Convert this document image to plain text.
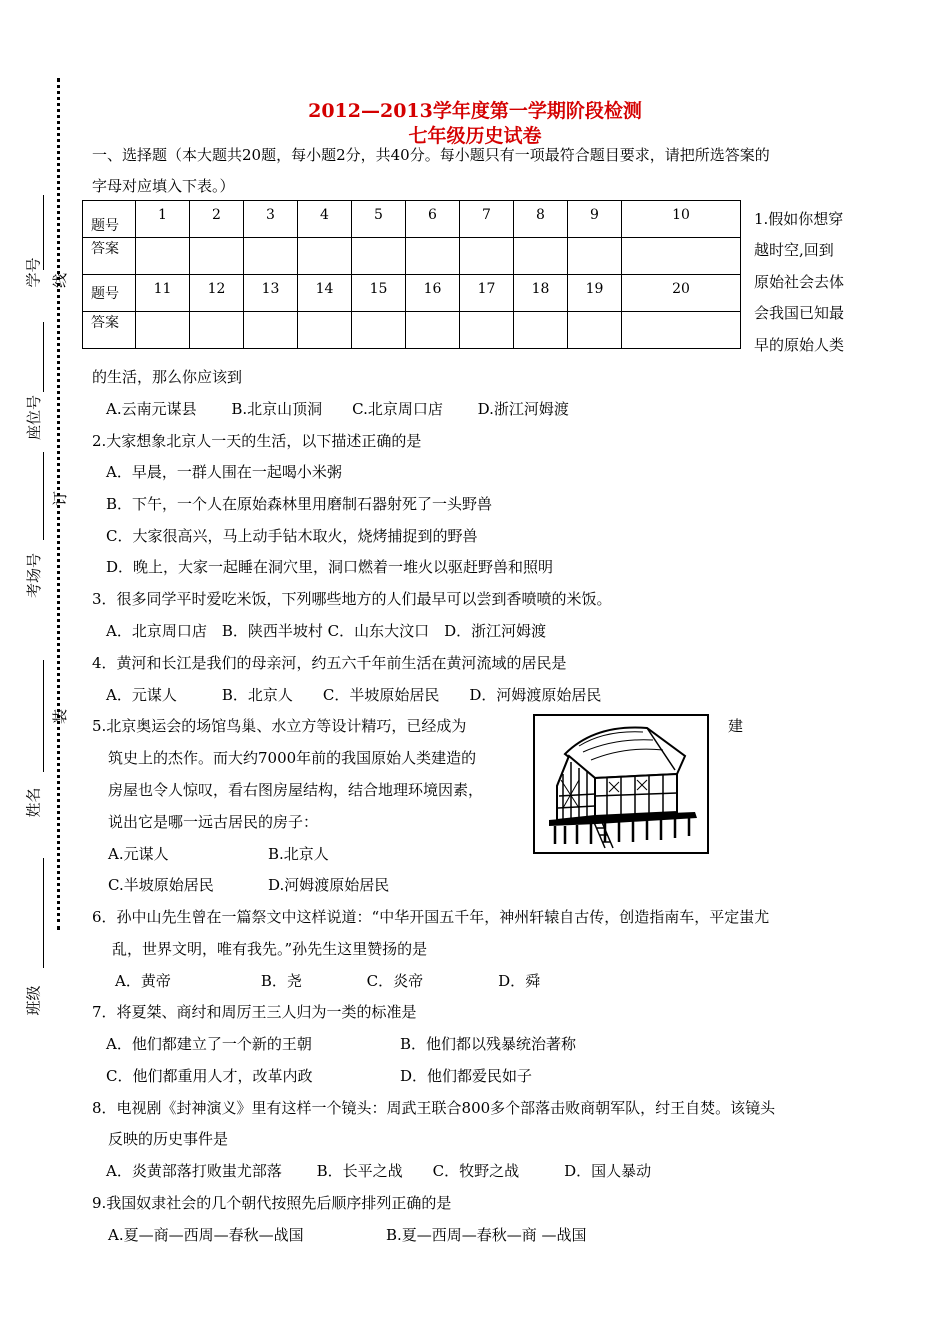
学号
座位号
考场号
姓名
班级
线
订
装
2012—2013学年度第一学期阶段检测
七年级历史试卷
一、选择题（本大题共20题，每小题2分，共40分。每小题只有一项最符合题目要求，请把所选答案的
字母对应填入下表。）
题号	1	2	3	4	5	6	7	8	9	10
答案										
题号	11	12	13	14	15	16	17	18	19	20
答案										
1.假如你想穿
越时空,回到
原始社会去体
会我国已知最
早的原始人类
的生活，那么你应该到
A.云南元谋县　　 B.北京山顶洞　　C.北京周口店　　 D.浙江河姆渡
2.大家想象北京人一天的生活，以下描述正确的是
A．早晨，一群人围在一起喝小米粥
B．下午，一个人在原始森林里用磨制石器射死了一头野兽
C．大家很高兴，马上动手钻木取火，烧烤捕捉到的野兽
D．晚上，大家一起睡在洞穴里，洞口燃着一堆火以驱赶野兽和照明
3．很多同学平时爱吃米饭，下列哪些地方的人们最早可以尝到香喷喷的米饭。
A．北京周口店　B．陕西半坡村 C．山东大汶口　D．浙江河姆渡
4．黄河和长江是我们的母亲河，约五六千年前生活在黄河流域的居民是
A．元谋人　　　B．北京人　　C．半坡原始居民　　D．河姆渡原始居民
5.北京奥运会的场馆鸟巢、水立方等设计精巧，已经成为	建
筑史上的杰作。而大约7000年前的我国原始人类建造的
房屋也令人惊叹，看右图房屋结构，结合地理环境因素，
说出它是哪一远古居民的房子：
A.元谋人	B.北京人
C.半坡原始居民	D.河姆渡原始居民
6．孙中山先生曾在一篇祭文中这样说道：“中华开国五千年，神州轩辕自古传，创造指南车，平定蚩尤
乱，世界文明，唯有我先。”孙先生这里赞扬的是
A．黄帝　　　　　　B．尧　　　　 C．炎帝　　　　　D．舜
7．将夏桀、商纣和周厉王三人归为一类的标准是
A．他们都建立了一个新的王朝	B．他们都以残暴统治著称
C．他们都重用人才，改革内政	D．他们都爱民如子
8．电视剧《封神演义》里有这样一个镜头：周武王联合800多个部落击败商朝军队，纣王自焚。该镜头
反映的历史事件是
A．炎黄部落打败蚩尤部落　　 B．长平之战　　C．牧野之战　　　D．国人暴动
9.我国奴隶社会的几个朝代按照先后顺序排列正确的是
A.夏—商—西周—春秋—战国	B.夏—西周—春秋—商 —战国
